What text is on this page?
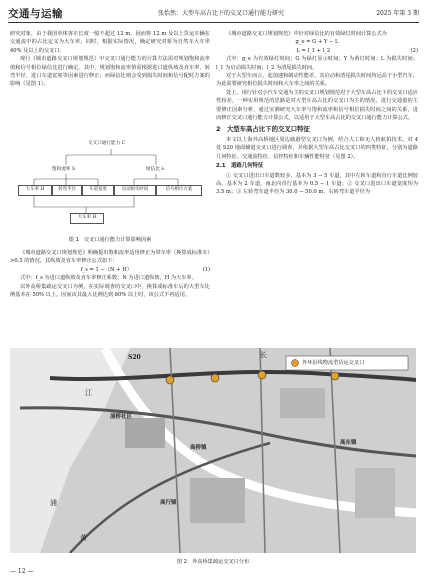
交通与运输	张怡然：大型车高占比下的交叉口通行能力研究	2025 年第 3 期

研究对象，由于我国单体客车长度一般不超过 12 m，因而将 12 m 及以上货运车辆在交通流中的占比定义为大车率，同时，根据实际情况，确定研究对象为自然车大车率 40% 及以上的交叉口。

现行《城市道路交叉口规划规范》中交叉口通行能力的计算方法需对规划饱和流率值和信号相位绿信比进行确定。其中，规划饱和流率值需根据进口道纵坡及直车率、转弯半径、进口车道宽度等因素进行修正；而绿信比则会受到损失时间和信号配时方案的影响（见图 1）。

交叉口通行能力 C
饱和流率 S	绿信比 λ
大车率 H	转弯半径	车道宽度	启动损失时间	信号相位方案
大车率 H
图 1　交叉口通行能力计算影响因素

《城市道路交叉口规划规范》明确提出饱和流率适用修正为带车率（换算成标准车）>0.5 的情况，其纵坡及直车率修正公式如下：

f_s = 1 −（N + H）	(1)

式中：f_s 为进口道纵坡及直车率修正系数；N 为进口道纵坡，H 为大车率。

以外高桥集疏运交叉口为例，在实际调查的交叉口中，换算成标准车后的大型车比例基本在 50% 以上，因而该其最大比例达到 80% 以上时，该公式不再适用。

《城市道路交叉口规划规范》中针对绿信比的有效绿灯时间计算公式为

g_e = G + Y − L

L = l_1 + l_2	(2)

式中：g_e 为有效绿灯时间；G 为绿灯显示时间；Y 为黄灯时间；L 为损失时间；l_1 为启动损失时间；l_2 为清尾损失时间。

对于大型车而言，起加速和制动性能差，其启动和清尾损失时间均远高于小型汽车，为此需要研究相位损失时间和大车率之间的关系。

处上，现行针对小汽车交通为主的交叉口规划规范对于大型车高占比下的交叉口适应性较差，一种实用规范的思路是对大型车高占比的交叉口为主的情况，进行交通量的主要修正因素分析，通过实测研究大车率与饱和流率和信号相位损失时间之间的关系，进而修正交叉口通行能力计算公式，以适用于大型车高占比的交叉口通行能力计算公式。

2　大型车高占比下的交叉口特征

本文以上海外高桥地区周边疏港型交叉口为例，结合人工和无人机航拍技术，对 4 处 S20 地面辅道交叉口进行调查，并依据大型车高占比交叉口的四类特征，分别为道路几何特征、交通流特征、信控特征和车辆性能特征（见图 2）。

2.1　道路几何特征

① 交叉口进出口车道数较多，基本为 3 − 5 车道，其中左转车道和直行车道比例较高，基本为 2 车道，南北向直行基本为 0.5 − 1 车道；② 交叉口进出口车道宽度均为 3.5 m；③ 左转弯车道半径为 30.0 − 50.0 m，右转弯车道半径为

外环沿线物流型货运交叉口
S20	长
江
凌桥社区
高桥镇
高行镇
高东镇
浦
黄
图 2　外高桥集疏运交叉口分布
— 12 —
